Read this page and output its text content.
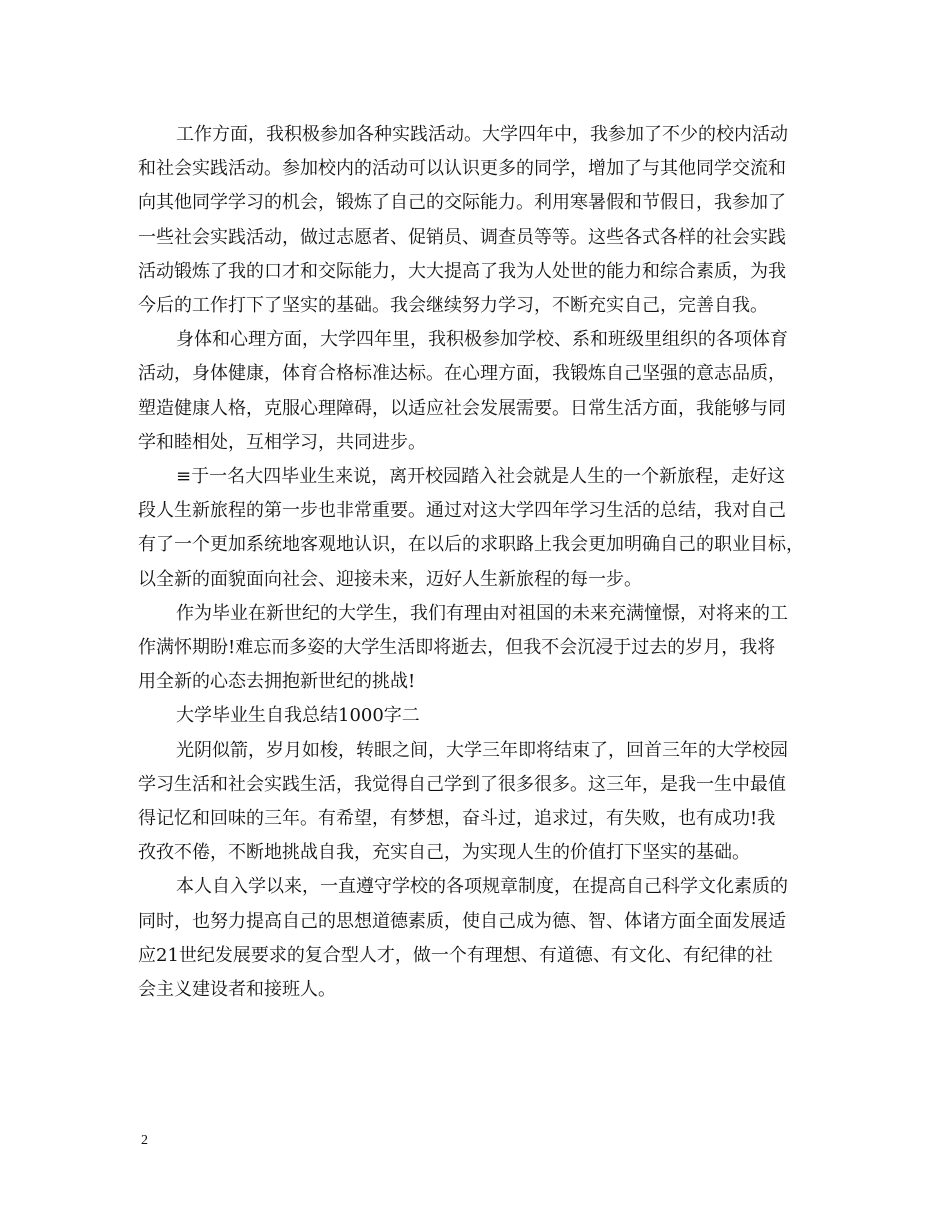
工作方面，我积极参加各种实践活动。大学四年中，我参加了不少的校内活动
和社会实践活动。参加校内的活动可以认识更多的同学，增加了与其他同学交流和
向其他同学学习的机会，锻炼了自己的交际能力。利用寒暑假和节假日，我参加了
一些社会实践活动，做过志愿者、促销员、调查员等等。这些各式各样的社会实践
活动锻炼了我的口才和交际能力，大大提高了我为人处世的能力和综合素质，为我
今后的工作打下了坚实的基础。我会继续努力学习，不断充实自己，完善自我。

身体和心理方面，大学四年里，我积极参加学校、系和班级里组织的各项体育
活动，身体健康，体育合格标准达标。在心理方面，我锻炼自己坚强的意志品质，
塑造健康人格，克服心理障碍，以适应社会发展需要。日常生活方面，我能够与同
学和睦相处，互相学习，共同进步。

≡于一名大四毕业生来说，离开校园踏入社会就是人生的一个新旅程，走好这
段人生新旅程的第一步也非常重要。通过对这大学四年学习生活的总结，我对自己
有了一个更加系统地客观地认识，在以后的求职路上我会更加明确自己的职业目标，
以全新的面貌面向社会、迎接未来，迈好人生新旅程的每一步。

作为毕业在新世纪的大学生，我们有理由对祖国的未来充满憧憬，对将来的工
作满怀期盼!难忘而多姿的大学生活即将逝去，但我不会沉浸于过去的岁月，我将
用全新的心态去拥抱新世纪的挑战!

大学毕业生自我总结1000字二

光阴似箭，岁月如梭，转眼之间，大学三年即将结束了，回首三年的大学校园
学习生活和社会实践生活，我觉得自己学到了很多很多。这三年，是我一生中最值
得记忆和回味的三年。有希望，有梦想，奋斗过，追求过，有失败，也有成功!我
孜孜不倦，不断地挑战自我，充实自己，为实现人生的价值打下坚实的基础。

本人自入学以来，一直遵守学校的各项规章制度，在提高自己科学文化素质的
同时，也努力提高自己的思想道德素质，使自己成为德、智、体诸方面全面发展适
应21世纪发展要求的复合型人才，做一个有理想、有道德、有文化、有纪律的社
会主义建设者和接班人。

2
